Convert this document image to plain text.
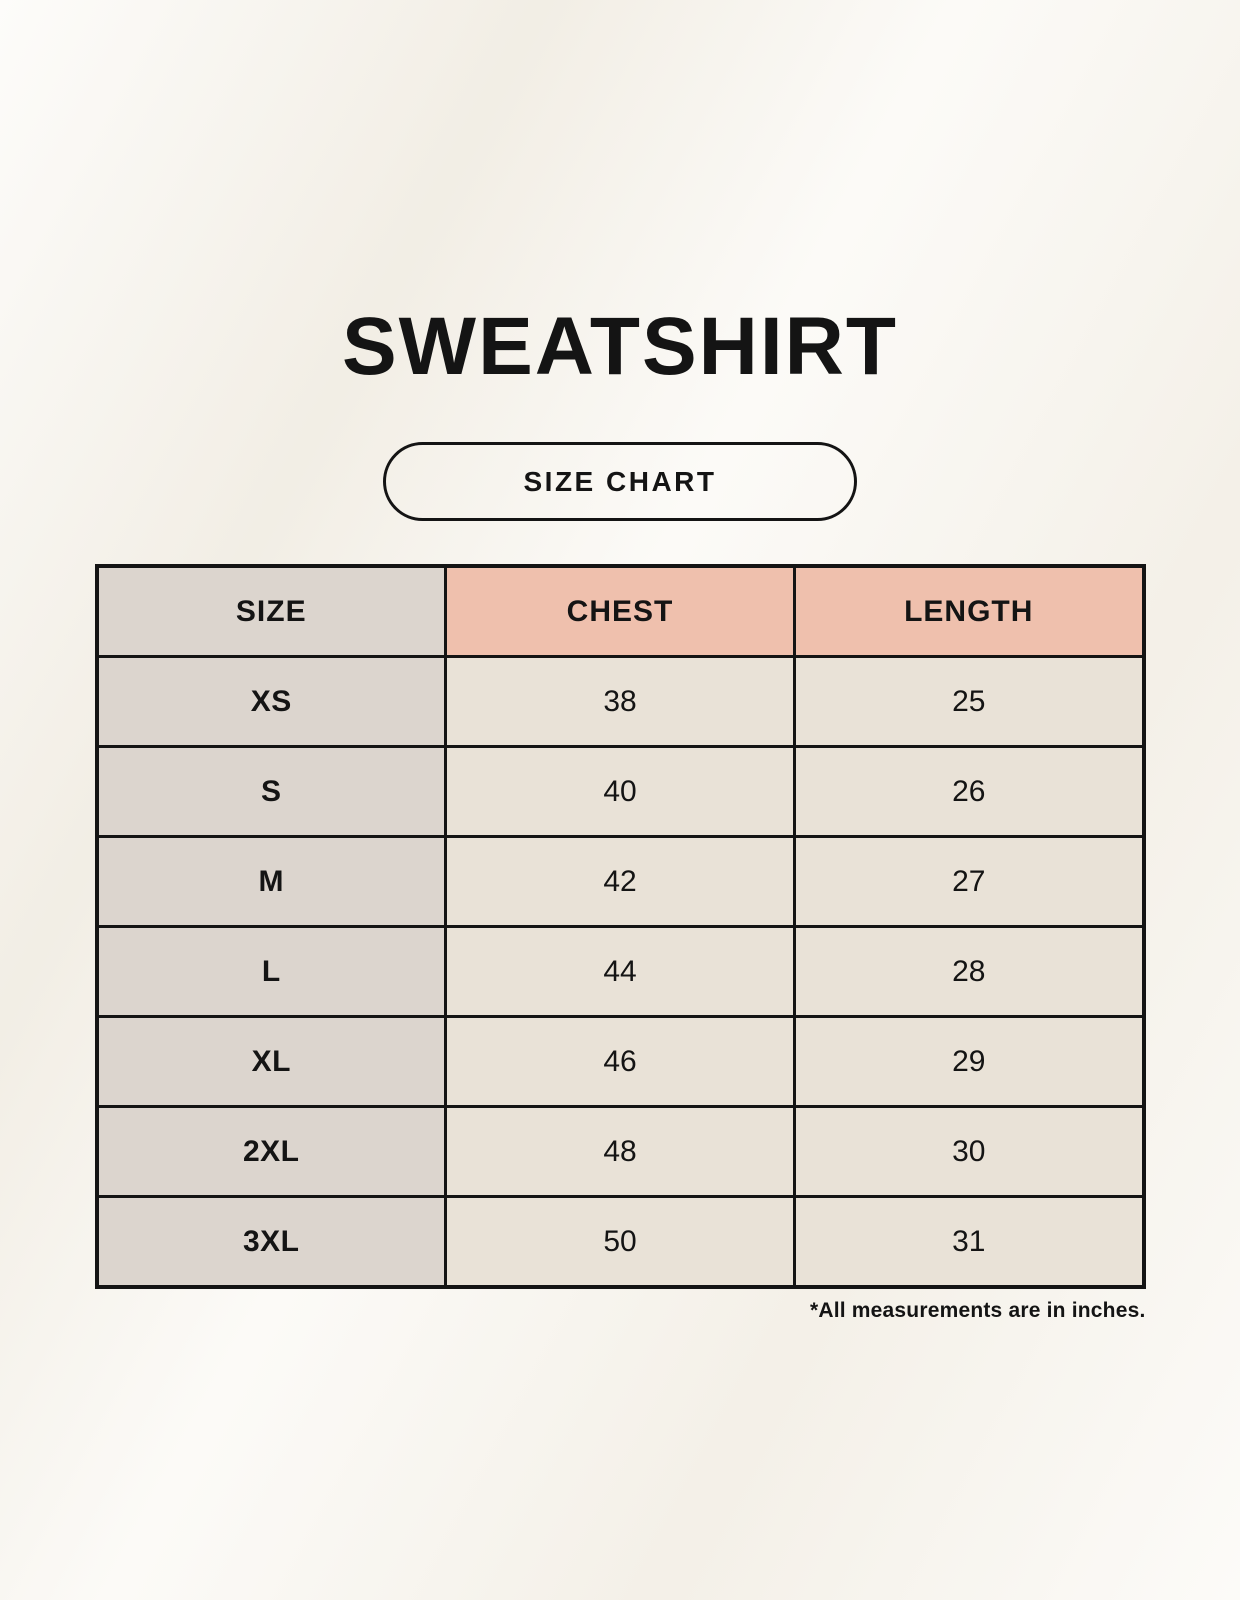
SWEATSHIRT
SIZE CHART
SIZE	CHEST	LENGTH
XS	38	25
S	40	26
M	42	27
L	44	28
XL	46	29
2XL	48	30
3XL	50	31

*All measurements are in inches.
